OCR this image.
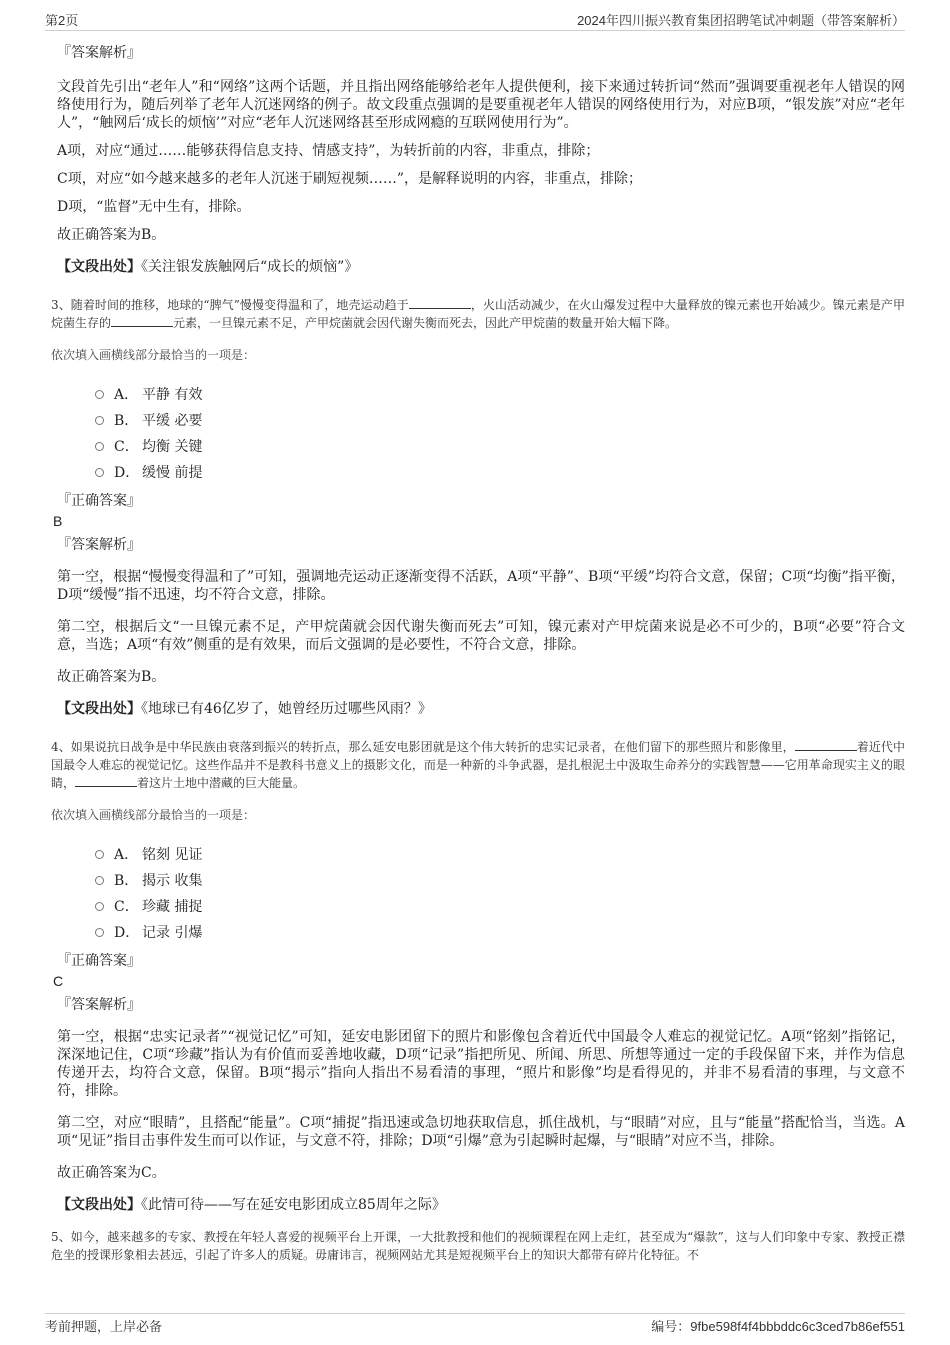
第2页	2024年四川振兴教育集团招聘笔试冲刺题（带答案解析）
『答案解析』
文段首先引出“老年人”和“网络”这两个话题，并且指出网络能够给老年人提供便利，接下来通过转折词“然而”强调要重视老年人错误的网络使用行为，随后列举了老年人沉迷网络的例子。故文段重点强调的是要重视老年人错误的网络使用行为，对应B项，“银发族”对应“老年人”，“触网后‘成长的烦恼’”对应“老年人沉迷网络甚至形成网瘾的互联网使用行为”。
A项，对应“通过……能够获得信息支持、情感支持”，为转折前的内容，非重点，排除；
C项，对应“如今越来越多的老年人沉迷于刷短视频……”，是解释说明的内容，非重点，排除；
D项，“监督”无中生有，排除。
故正确答案为B。
【文段出处】《关注银发族触网后“成长的烦恼”》
3、随着时间的推移，地球的“脾气”慢慢变得温和了，地壳运动趋于	，火山活动减少，在火山爆发过程中大量释放的镍元素也开始减少。镍元素是产甲烷菌生存的	元素，一旦镍元素不足，产甲烷菌就会因代谢失衡而死去，因此产甲烷菌的数量开始大幅下降。
依次填入画横线部分最恰当的一项是：
A． 平静 有效
B． 平缓 必要
C． 均衡 关键
D． 缓慢 前提
『正确答案』
B
『答案解析』
第一空，根据“慢慢变得温和了”可知，强调地壳运动正逐渐变得不活跃，A项“平静”、B项“平缓”均符合文意，保留；C项“均衡”指平衡，D项“缓慢”指不迅速，均不符合文意，排除。
第二空，根据后文“一旦镍元素不足，产甲烷菌就会因代谢失衡而死去”可知，镍元素对产甲烷菌来说是必不可少的，B项“必要”符合文意，当选；A项“有效”侧重的是有效果，而后文强调的是必要性，不符合文意，排除。
故正确答案为B。
【文段出处】《地球已有46亿岁了，她曾经历过哪些风雨？》
4、如果说抗日战争是中华民族由衰落到振兴的转折点，那么延安电影团就是这个伟大转折的忠实记录者，在他们留下的那些照片和影像里，	着近代中国最令人难忘的视觉记忆。这些作品并不是教科书意义上的摄影文化，而是一种新的斗争武器，是扎根泥土中汲取生命养分的实践智慧——它用革命现实主义的眼睛，	着这片土地中潜藏的巨大能量。
依次填入画横线部分最恰当的一项是：
A． 铭刻 见证
B． 揭示 收集
C． 珍藏 捕捉
D． 记录 引爆
『正确答案』
C
『答案解析』
第一空，根据“忠实记录者”“视觉记忆”可知，延安电影团留下的照片和影像包含着近代中国最令人难忘的视觉记忆。A项“铭刻”指铭记，深深地记住，C项“珍藏”指认为有价值而妥善地收藏，D项“记录”指把所见、所闻、所思、所想等通过一定的手段保留下来，并作为信息传递开去，均符合文意，保留。B项“揭示”指向人指出不易看清的事理，“照片和影像”均是看得见的，并非不易看清的事理，与文意不符，排除。
第二空，对应“眼睛”，且搭配“能量”。C项“捕捉”指迅速或急切地获取信息，抓住战机，与“眼睛”对应，且与“能量”搭配恰当，当选。A项“见证”指目击事件发生而可以作证，与文意不符，排除；D项“引爆”意为引起瞬时起爆，与“眼睛”对应不当，排除。
故正确答案为C。
【文段出处】《此情可待——写在延安电影团成立85周年之际》
5、如今，越来越多的专家、教授在年轻人喜爱的视频平台上开课，一大批教授和他们的视频课程在网上走红，甚至成为“爆款”，这与人们印象中专家、教授正襟危坐的授课形象相去甚远，引起了许多人的质疑。毋庸讳言，视频网站尤其是短视频平台上的知识大都带有碎片化特征。不
考前押题，上岸必备	编号：9fbe598f4f4bbbddc6c3ced7b86ef551
